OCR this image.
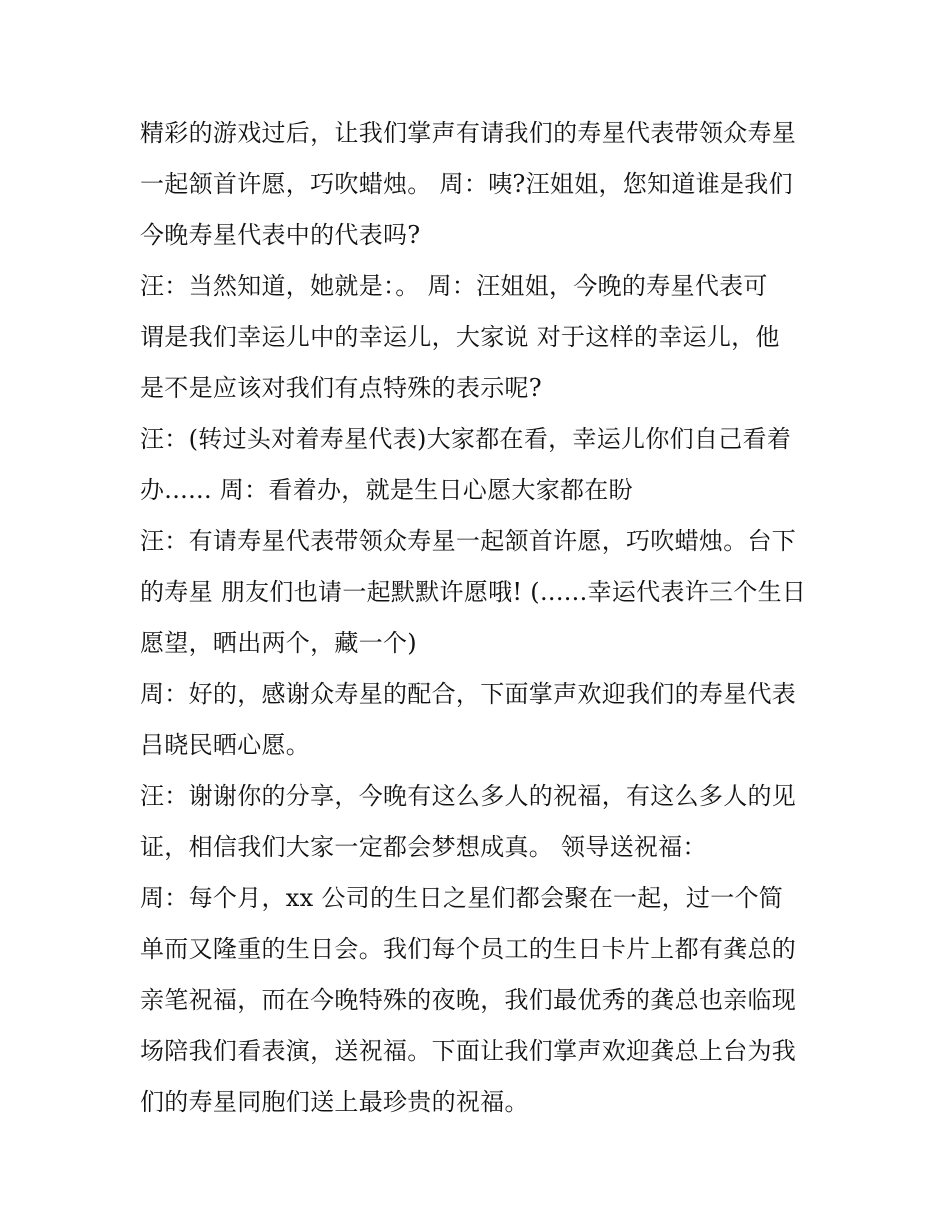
精彩的游戏过后，让我们掌声有请我们的寿星代表带领众寿星
一起颔首许愿，巧吹蜡烛。 周：咦?汪姐姐，您知道谁是我们
今晚寿星代表中的代表吗?
汪：当然知道，她就是：。 周：汪姐姐，今晚的寿星代表可
谓是我们幸运儿中的幸运儿，大家说 对于这样的幸运儿，他
是不是应该对我们有点特殊的表示呢?
汪：(转过头对着寿星代表)大家都在看，幸运儿你们自己看着
办...... 周：看着办，就是生日心愿大家都在盼
汪：有请寿星代表带领众寿星一起颔首许愿，巧吹蜡烛。台下
的寿星 朋友们也请一起默默许愿哦! (......幸运代表许三个生日
愿望，晒出两个，藏一个)
周：好的，感谢众寿星的配合，下面掌声欢迎我们的寿星代表
吕晓民晒心愿。
汪：谢谢你的分享，今晚有这么多人的祝福，有这么多人的见
证，相信我们大家一定都会梦想成真。 领导送祝福：
周：每个月，xx 公司的生日之星们都会聚在一起，过一个简
单而又隆重的生日会。我们每个员工的生日卡片上都有龚总的
亲笔祝福，而在今晚特殊的夜晚，我们最优秀的龚总也亲临现
场陪我们看表演，送祝福。下面让我们掌声欢迎龚总上台为我
们的寿星同胞们送上最珍贵的祝福。
